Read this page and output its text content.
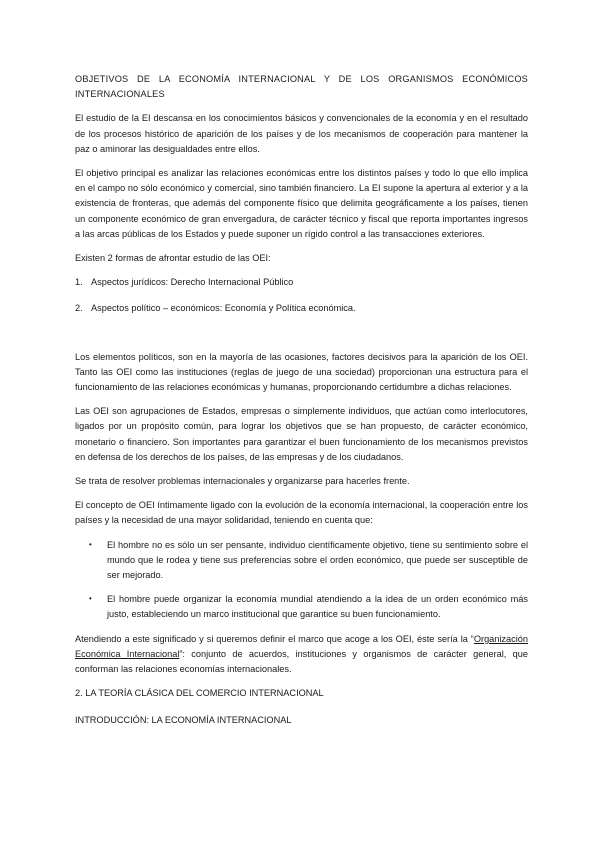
OBJETIVOS DE LA ECONOMÍA INTERNACIONAL Y DE LOS ORGANISMOS ECONÓMICOS INTERNACIONALES

El estudio de la EI descansa en los conocimientos básicos y convencionales de la economía y en el resultado de los procesos histórico de aparición de los países y de los mecanismos de cooperación para mantener la paz o aminorar las desigualdades entre ellos.

El objetivo principal es analizar las relaciones económicas entre los distintos países y todo lo que ello implica en el campo no sólo económico y comercial, sino también financiero. La EI supone la apertura al exterior y a la existencia de fronteras, que además del componente físico que delimita geográficamente a los países, tienen un componente económico de gran envergadura, de carácter técnico y fiscal que reporta importantes ingresos a las arcas públicas de los Estados y puede suponer un rígido control a las transacciones exteriores.

Existen 2 formas de afrontar estudio de las OEI:

1. Aspectos jurídicos: Derecho Internacional Público
2. Aspectos político – económicos: Economía y Política económica.

Los elementos políticos, son en la mayoría de las ocasiones, factores decisivos para la aparición de los OEI. Tanto las OEI como las instituciones (reglas de juego de una sociedad) proporcionan una estructura para el funcionamiento de las relaciones económicas y humanas, proporcionando certidumbre a dichas relaciones.

Las OEI son agrupaciones de Estados, empresas o simplemente individuos, que actúan como interlocutores, ligados por un propósito común, para lograr los objetivos que se han propuesto, de carácter económico, monetario o financiero. Son importantes para garantizar el buen funcionamiento de los mecanismos previstos en defensa de los derechos de los países, de las empresas y de los ciudadanos.

Se trata de resolver problemas internacionales y organizarse para hacerles frente.

El concepto de OEI íntimamente ligado con la evolución de la economía internacional, la cooperación entre los países y la necesidad de una mayor solidaridad, teniendo en cuenta que:

• El hombre no es sólo un ser pensante, individuo científicamente objetivo, tiene su sentimiento sobre el mundo que le rodea y tiene sus preferencias sobre el orden económico, que puede ser susceptible de ser mejorado.
• El hombre puede organizar la economía mundial atendiendo a la idea de un orden económico más justo, estableciendo un marco institucional que garantice su buen funcionamiento.

Atendiendo a este significado y si queremos definir el marco que acoge a los OEI, éste sería la “Organización Económica Internacional”: conjunto de acuerdos, instituciones y organismos de carácter general, que conforman las relaciones economías internacionales.

2. LA TEORÍA CLÁSICA DEL COMERCIO INTERNACIONAL
INTRODUCCIÓN: LA ECONOMÍA INTERNACIONAL
